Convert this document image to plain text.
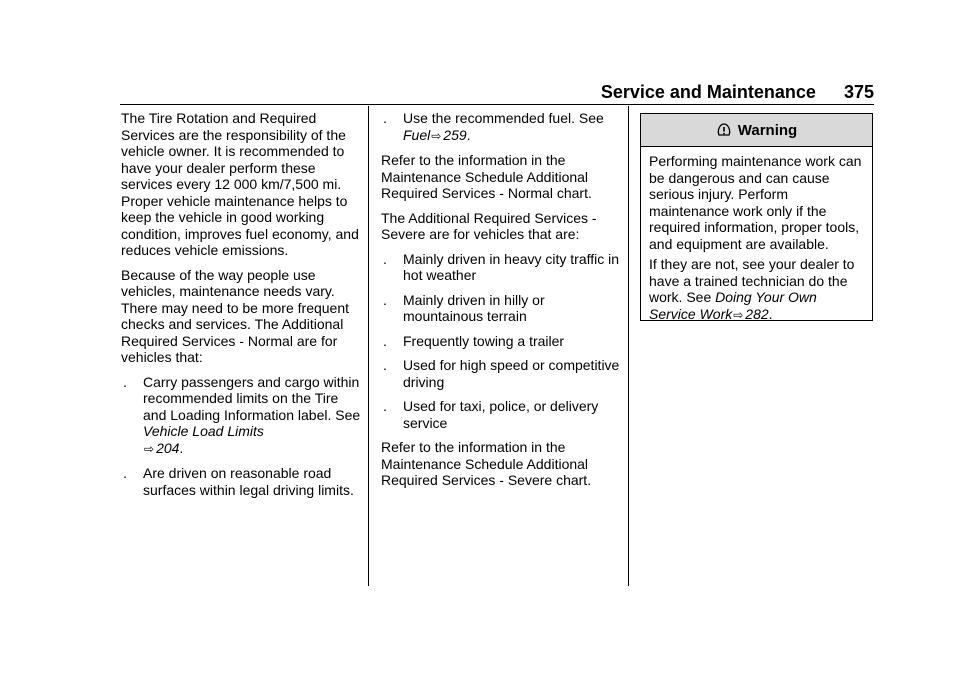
Service and Maintenance 375

The Tire Rotation and Required Services are the responsibility of the vehicle owner. It is recommended to have your dealer perform these services every 12 000 km/7,500 mi. Proper vehicle maintenance helps to keep the vehicle in good working condition, improves fuel economy, and reduces vehicle emissions.

Because of the way people use vehicles, maintenance needs vary. There may need to be more frequent checks and services. The Additional Required Services - Normal are for vehicles that:

. Carry passengers and cargo within recommended limits on the Tire and Loading Information label. See Vehicle Load Limits
⇨ 204.
. Are driven on reasonable road surfaces within legal driving limits.
. Use the recommended fuel. See
Fuel⇨ 259.

Refer to the information in the Maintenance Schedule Additional Required Services - Normal chart.

The Additional Required Services - Severe are for vehicles that are:

. Mainly driven in heavy city traffic in hot weather
. Mainly driven in hilly or mountainous terrain
. Frequently towing a trailer
. Used for high speed or competitive driving
. Used for taxi, police, or delivery service

Refer to the information in the Maintenance Schedule Additional Required Services - Severe chart.

Warning

Performing maintenance work can be dangerous and can cause serious injury. Perform maintenance work only if the required information, proper tools, and equipment are available.

If they are not, see your dealer to have a trained technician do the work. See Doing Your Own Service Work⇨ 282.
